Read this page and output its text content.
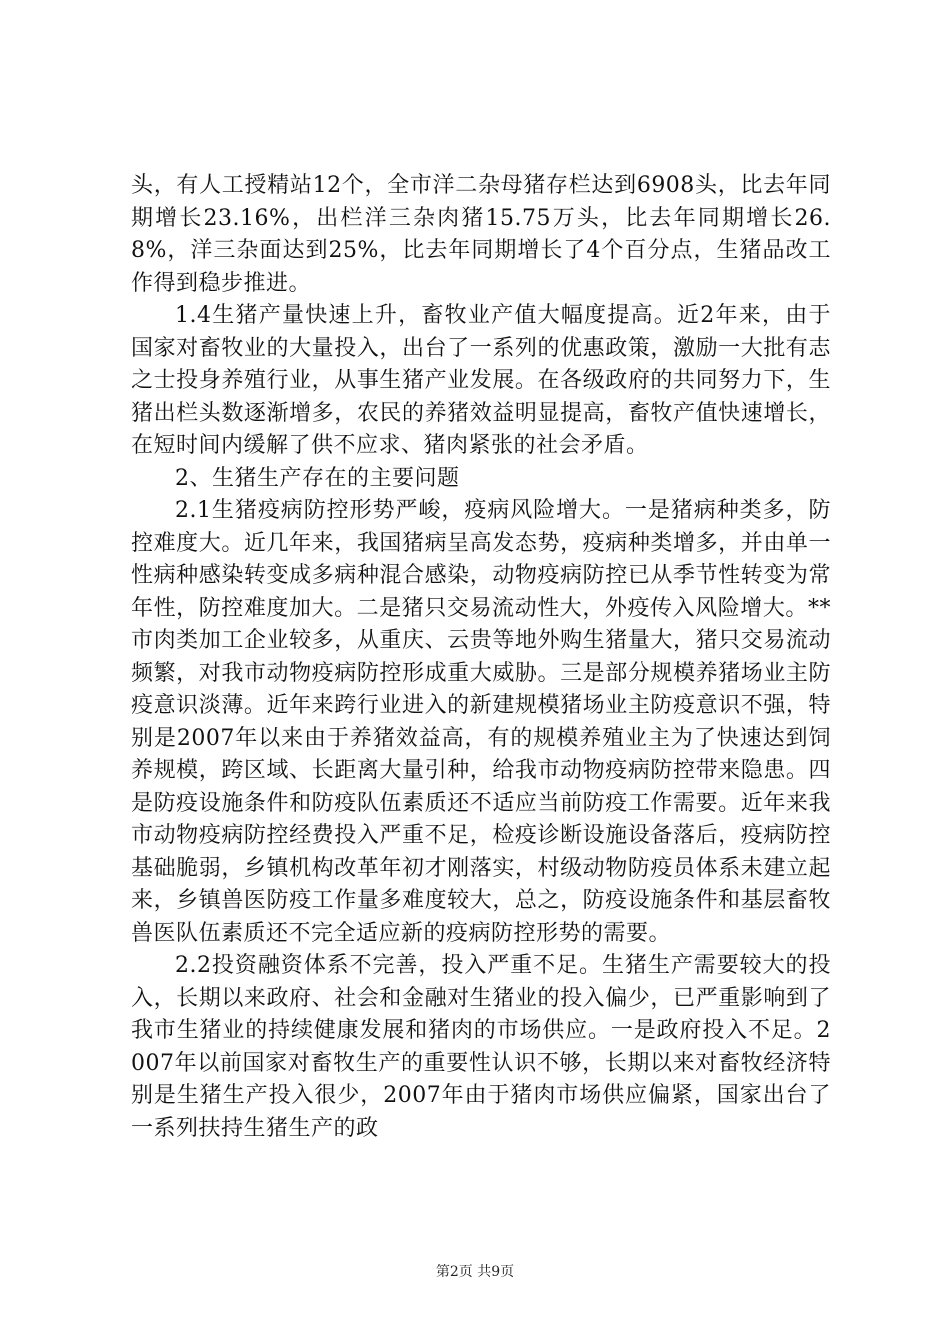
头，有人工授精站12个，全市洋二杂母猪存栏达到6908头，比去年同期增长23.16%，出栏洋三杂肉猪15.75万头，比去年同期增长26.8%，洋三杂面达到25%，比去年同期增长了4个百分点，生猪品改工作得到稳步推进。

1.4生猪产量快速上升，畜牧业产值大幅度提高。近2年来，由于国家对畜牧业的大量投入，出台了一系列的优惠政策，激励一大批有志之士投身养殖行业，从事生猪产业发展。在各级政府的共同努力下，生猪出栏头数逐渐增多，农民的养猪效益明显提高，畜牧产值快速增长，在短时间内缓解了供不应求、猪肉紧张的社会矛盾。

2、生猪生产存在的主要问题

2.1生猪疫病防控形势严峻，疫病风险增大。一是猪病种类多，防控难度大。近几年来，我国猪病呈高发态势，疫病种类增多，并由单一性病种感染转变成多病种混合感染，动物疫病防控已从季节性转变为常年性，防控难度加大。二是猪只交易流动性大，外疫传入风险增大。**市肉类加工企业较多，从重庆、云贵等地外购生猪量大，猪只交易流动频繁，对我市动物疫病防控形成重大威胁。三是部分规模养猪场业主防疫意识淡薄。近年来跨行业进入的新建规模猪场业主防疫意识不强，特别是2007年以来由于养猪效益高，有的规模养殖业主为了快速达到饲养规模，跨区域、长距离大量引种，给我市动物疫病防控带来隐患。四是防疫设施条件和防疫队伍素质还不适应当前防疫工作需要。近年来我市动物疫病防控经费投入严重不足，检疫诊断设施设备落后，疫病防控基础脆弱，乡镇机构改革年初才刚落实，村级动物防疫员体系未建立起来，乡镇兽医防疫工作量多难度较大，总之，防疫设施条件和基层畜牧兽医队伍素质还不完全适应新的疫病防控形势的需要。

2.2投资融资体系不完善，投入严重不足。生猪生产需要较大的投入，长期以来政府、社会和金融对生猪业的投入偏少，已严重影响到了我市生猪业的持续健康发展和猪肉的市场供应。一是政府投入不足。2007年以前国家对畜牧生产的重要性认识不够，长期以来对畜牧经济特别是生猪生产投入很少，2007年由于猪肉市场供应偏紧，国家出台了一系列扶持生猪生产的政

第2页 共9页
